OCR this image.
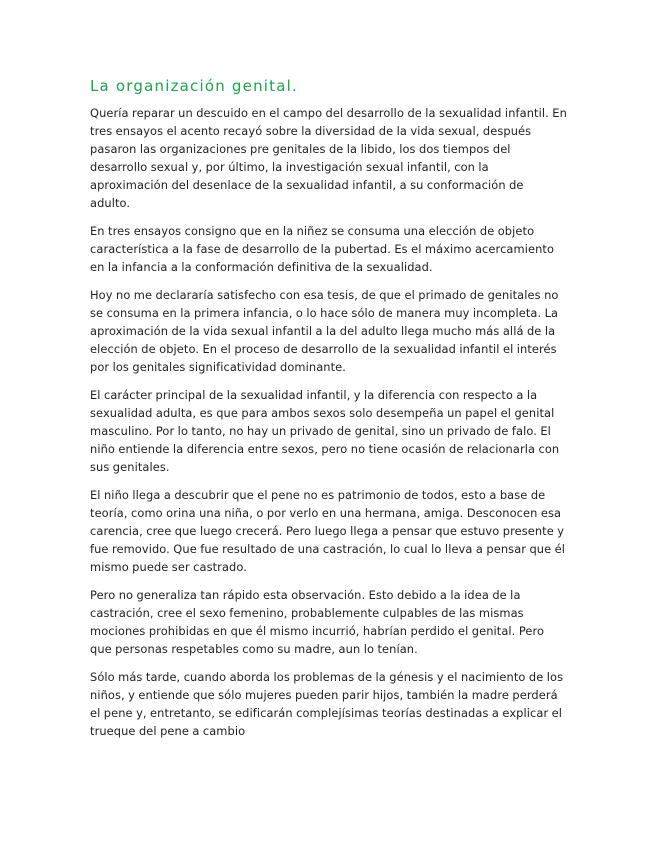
La organización genital.

Quería reparar un descuido en el campo del desarrollo de la sexualidad infantil. En tres ensayos el acento recayó sobre la diversidad de la vida sexual, después pasaron las organizaciones pre genitales de la libido, los dos tiempos del desarrollo sexual y, por último, la investigación sexual infantil, con la aproximación del desenlace de la sexualidad infantil, a su conformación de adulto.

En tres ensayos consigno que en la niñez se consuma una elección de objeto característica a la fase de desarrollo de la pubertad. Es el máximo acercamiento en la infancia a la conformación definitiva de la sexualidad.

Hoy no me declararía satisfecho con esa tesis, de que el primado de genitales no se consuma en la primera infancia, o lo hace sólo de manera muy incompleta. La aproximación de la vida sexual infantil a la del adulto llega mucho más allá de la elección de objeto. En el proceso de desarrollo de la sexualidad infantil el interés por los genitales significatividad dominante.

El carácter principal de la sexualidad infantil, y la diferencia con respecto a la sexualidad adulta, es que para ambos sexos solo desempeña un papel el genital masculino. Por lo tanto, no hay un privado de genital, sino un privado de falo. El niño entiende la diferencia entre sexos, pero no tiene ocasión de relacionarla con sus genitales.

El niño llega a descubrir que el pene no es patrimonio de todos, esto a base de teoría, como orina una niña, o por verlo en una hermana, amiga. Desconocen esa carencia, cree que luego crecerá. Pero luego llega a pensar que estuvo presente y fue removido. Que fue resultado de una castración, lo cual lo lleva a pensar que él mismo puede ser castrado.

Pero no generaliza tan rápido esta observación. Esto debido a la idea de la castración, cree el sexo femenino, probablemente culpables de las mismas mociones prohibidas en que él mismo incurrió, habrían perdido el genital. Pero que personas respetables como su madre, aun lo tenían.

Sólo más tarde, cuando aborda los problemas de la génesis y el nacimiento de los niños, y entiende que sólo mujeres pueden parir hijos, también la madre perderá el pene y, entretanto, se edificarán complejísimas teorías destinadas a explicar el trueque del pene a cambio
